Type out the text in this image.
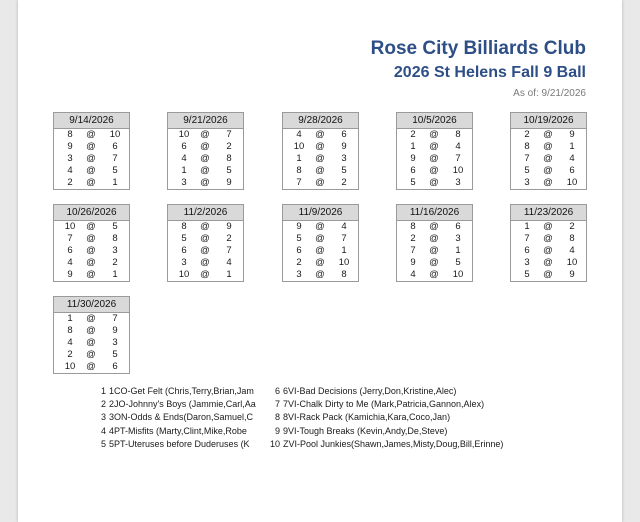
Rose City Billiards Club
2026 St Helens Fall 9 Ball
As of: 9/21/2026
9/14/2026
8	@	10
9	@	6
3	@	7
4	@	5
2	@	1
9/21/2026
10 @	7
6	@	2
4	@	8
1	@	5
3	@	9
9/28/2026
4	@	6
10 @	9
1	@	3
8	@	5
7	@	2
10/5/2026
2	@	8
1	@	4
9	@	7
6	@	10
5	@	3
10/19/2026
2	@	9
8	@	1
7	@	4
5	@	6
3	@	10
10/26/2026
10 @	5
7	@	8
6	@	3
4	@	2
9	@	1
11/2/2026
8	@	9
5	@	2
6	@	7
3	@	4
10 @	1
11/9/2026
9	@	4
5	@	7
6	@	1
2	@	10
3	@	8
11/16/2026
8	@	6
2	@	3
7	@	1
9	@	5
4	@	10
11/23/2026
1	@	2
7	@	8
6	@	4
3	@	10
5	@	9
11/30/2026
1	@	7
8	@	9
4	@	3
2	@	5
10 @	6
1 1CO-Get Felt (Chris,Terry,Brian,Jam
2 2JO-Johnny's Boys (Jammie,Carl,Aa
3 3ON-Odds & Ends(Daron,Samuel,C
4 4PT-Misfits (Marty,Clint,Mike,Robe
5 5PT-Uteruses before Duderuses (K
6 6VI-Bad Decisions (Jerry,Don,Kristine,Alec)
7 7VI-Chalk Dirty to Me (Mark,Patricia,Gannon,Alex)
8 8VI-Rack Pack (Kamichia,Kara,Coco,Jan)
9 9VI-Tough Breaks (Kevin,Andy,De,Steve)
10 ZVI-Pool Junkies(Shawn,James,Misty,Doug,Bill,Erinne)
